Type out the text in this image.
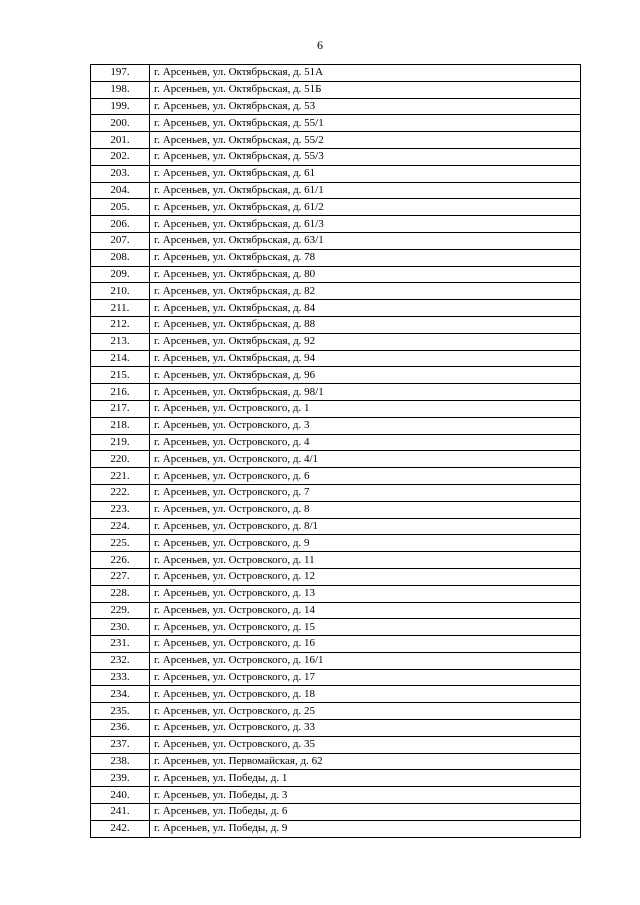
6
197.	г. Арсеньев, ул. Октябрьская, д. 51А
198.	г. Арсеньев, ул. Октябрьская, д. 51Б
199.	г. Арсеньев, ул. Октябрьская, д. 53
200.	г. Арсеньев, ул. Октябрьская, д. 55/1
201.	г. Арсеньев, ул. Октябрьская, д. 55/2
202.	г. Арсеньев, ул. Октябрьская, д. 55/3
203.	г. Арсеньев, ул. Октябрьская, д. 61
204.	г. Арсеньев, ул. Октябрьская, д. 61/1
205.	г. Арсеньев, ул. Октябрьская, д. 61/2
206.	г. Арсеньев, ул. Октябрьская, д. 61/3
207.	г. Арсеньев, ул. Октябрьская, д. 63/1
208.	г. Арсеньев, ул. Октябрьская, д. 78
209.	г. Арсеньев, ул. Октябрьская, д. 80
210.	г. Арсеньев, ул. Октябрьская, д. 82
211.	г. Арсеньев, ул. Октябрьская, д. 84
212.	г. Арсеньев, ул. Октябрьская, д. 88
213.	г. Арсеньев, ул. Октябрьская, д. 92
214.	г. Арсеньев, ул. Октябрьская, д. 94
215.	г. Арсеньев, ул. Октябрьская, д. 96
216.	г. Арсеньев, ул. Октябрьская, д. 98/1
217.	г. Арсеньев, ул. Островского, д. 1
218.	г. Арсеньев, ул. Островского, д. 3
219.	г. Арсеньев, ул. Островского, д. 4
220.	г. Арсеньев, ул. Островского, д. 4/1
221.	г. Арсеньев, ул. Островского, д. 6
222.	г. Арсеньев, ул. Островского, д. 7
223.	г. Арсеньев, ул. Островского, д. 8
224.	г. Арсеньев, ул. Островского, д. 8/1
225.	г. Арсеньев, ул. Островского, д. 9
226.	г. Арсеньев, ул. Островского, д. 11
227.	г. Арсеньев, ул. Островского, д. 12
228.	г. Арсеньев, ул. Островского, д. 13
229.	г. Арсеньев, ул. Островского, д. 14
230.	г. Арсеньев, ул. Островского, д. 15
231.	г. Арсеньев, ул. Островского, д. 16
232.	г. Арсеньев, ул. Островского, д. 16/1
233.	г. Арсеньев, ул. Островского, д. 17
234.	г. Арсеньев, ул. Островского, д. 18
235.	г. Арсеньев, ул. Островского, д. 25
236.	г. Арсеньев, ул. Островского, д. 33
237.	г. Арсеньев, ул. Островского, д. 35
238.	г. Арсеньев, ул. Первомайская, д. 62
239.	г. Арсеньев, ул. Победы, д. 1
240.	г. Арсеньев, ул. Победы, д. 3
241.	г. Арсеньев, ул. Победы, д. 6
242.	г. Арсеньев, ул. Победы, д. 9
